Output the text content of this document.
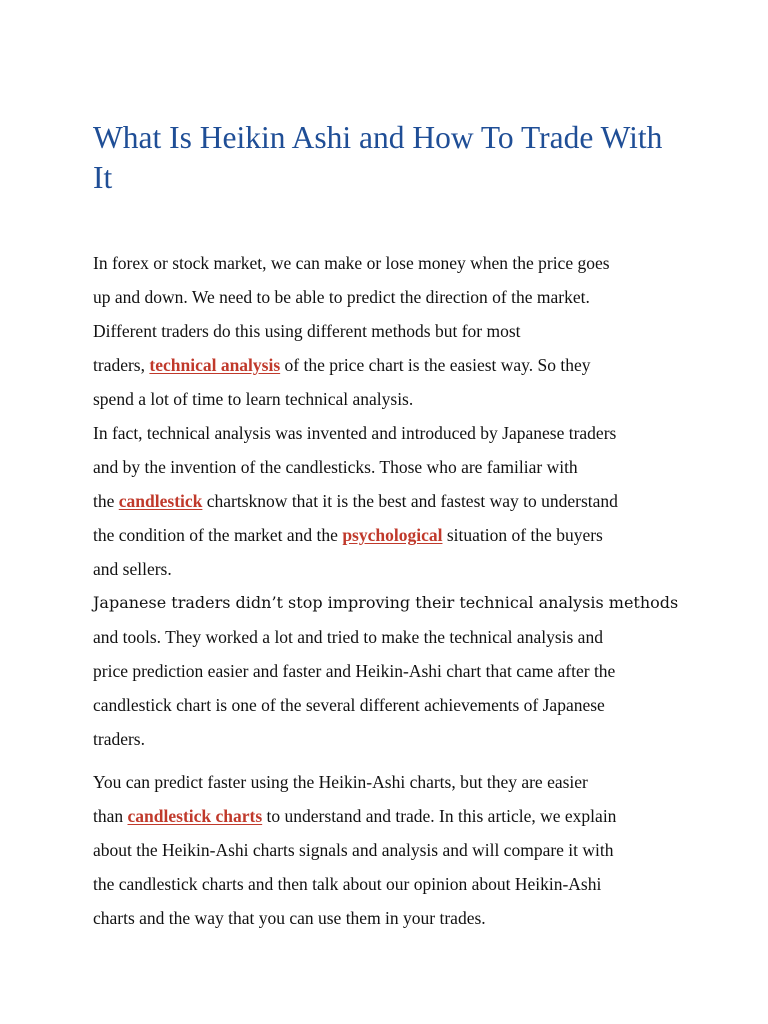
What Is Heikin Ashi and How To Trade With It
In forex or stock market, we can make or lose money when the price goes
up and down. We need to be able to predict the direction of the market.
Different traders do this using different methods but for most
traders, technical analysis of the price chart is the easiest way. So they
spend a lot of time to learn technical analysis.
In fact, technical analysis was invented and introduced by Japanese traders
and by the invention of the candlesticks. Those who are familiar with
the candlestick chartsknow that it is the best and fastest way to understand
the condition of the market and the psychological situation of the buyers
and sellers.
Japanese traders didn’t stop improving their technical analysis methods
and tools. They worked a lot and tried to make the technical analysis and
price prediction easier and faster and Heikin-Ashi chart that came after the
candlestick chart is one of the several different achievements of Japanese
traders.
You can predict faster using the Heikin-Ashi charts, but they are easier
than candlestick charts to understand and trade. In this article, we explain
about the Heikin-Ashi charts signals and analysis and will compare it with
the candlestick charts and then talk about our opinion about Heikin-Ashi
charts and the way that you can use them in your trades.
